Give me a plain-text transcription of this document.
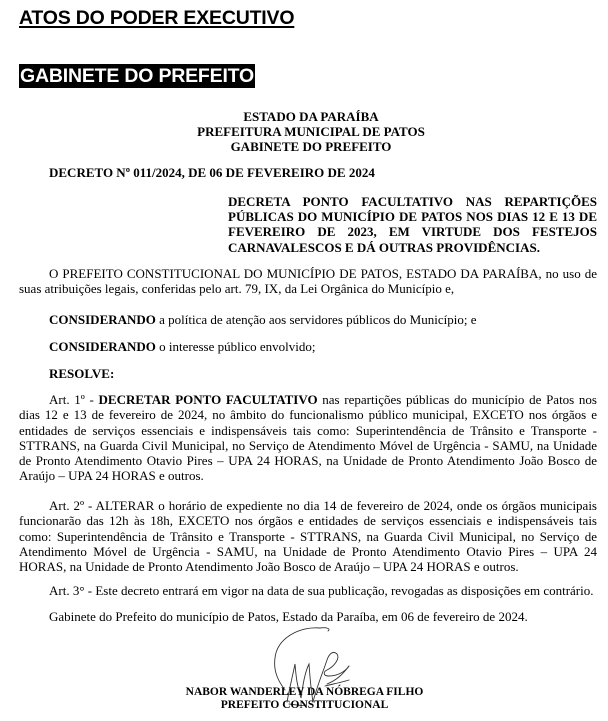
ATOS DO PODER EXECUTIVO
GABINETE DO PREFEITO
ESTADO DA PARAÍBA
PREFEITURA MUNICIPAL DE PATOS
GABINETE DO PREFEITO
DECRETO Nº 011/2024, DE 06 DE FEVEREIRO DE 2024
DECRETA PONTO FACULTATIVO NAS REPARTIÇÕES PÚBLICAS DO MUNICÍPIO DE PATOS NOS DIAS 12 E 13 DE FEVEREIRO DE 2023, EM VIRTUDE DOS FESTEJOS CARNAVALESCOS E DÁ OUTRAS PROVIDÊNCIAS.

O PREFEITO CONSTITUCIONAL DO MUNICÍPIO DE PATOS, ESTADO DA PARAÍBA, no uso de suas atribuições legais, conferidas pelo art. 79, IX, da Lei Orgânica do Município e,

CONSIDERANDO a política de atenção aos servidores públicos do Município; e

CONSIDERANDO o interesse público envolvido;

RESOLVE:

Art. 1º - DECRETAR PONTO FACULTATIVO nas repartições públicas do município de Patos nos dias 12 e 13 de fevereiro de 2024, no âmbito do funcionalismo público municipal, EXCETO nos órgãos e entidades de serviços essenciais e indispensáveis tais como: Superintendência de Trânsito e Transporte - STTRANS, na Guarda Civil Municipal, no Serviço de Atendimento Móvel de Urgência - SAMU, na Unidade de Pronto Atendimento Otavio Pires – UPA 24 HORAS, na Unidade de Pronto Atendimento João Bosco de Araújo – UPA 24 HORAS e outros.

Art. 2º - ALTERAR o horário de expediente no dia 14 de fevereiro de 2024, onde os órgãos municipais funcionarão das 12h às 18h, EXCETO nos órgãos e entidades de serviços essenciais e indispensáveis tais como: Superintendência de Trânsito e Transporte - STTRANS, na Guarda Civil Municipal, no Serviço de Atendimento Móvel de Urgência - SAMU, na Unidade de Pronto Atendimento Otavio Pires – UPA 24 HORAS, na Unidade de Pronto Atendimento João Bosco de Araújo – UPA 24 HORAS e outros.

Art. 3° - Este decreto entrará em vigor na data de sua publicação, revogadas as disposições em contrário.

Gabinete do Prefeito do município de Patos, Estado da Paraíba, em 06 de fevereiro de 2024.

NABOR WANDERLEY DA NÓBREGA FILHO
PREFEITO CONSTITUCIONAL
